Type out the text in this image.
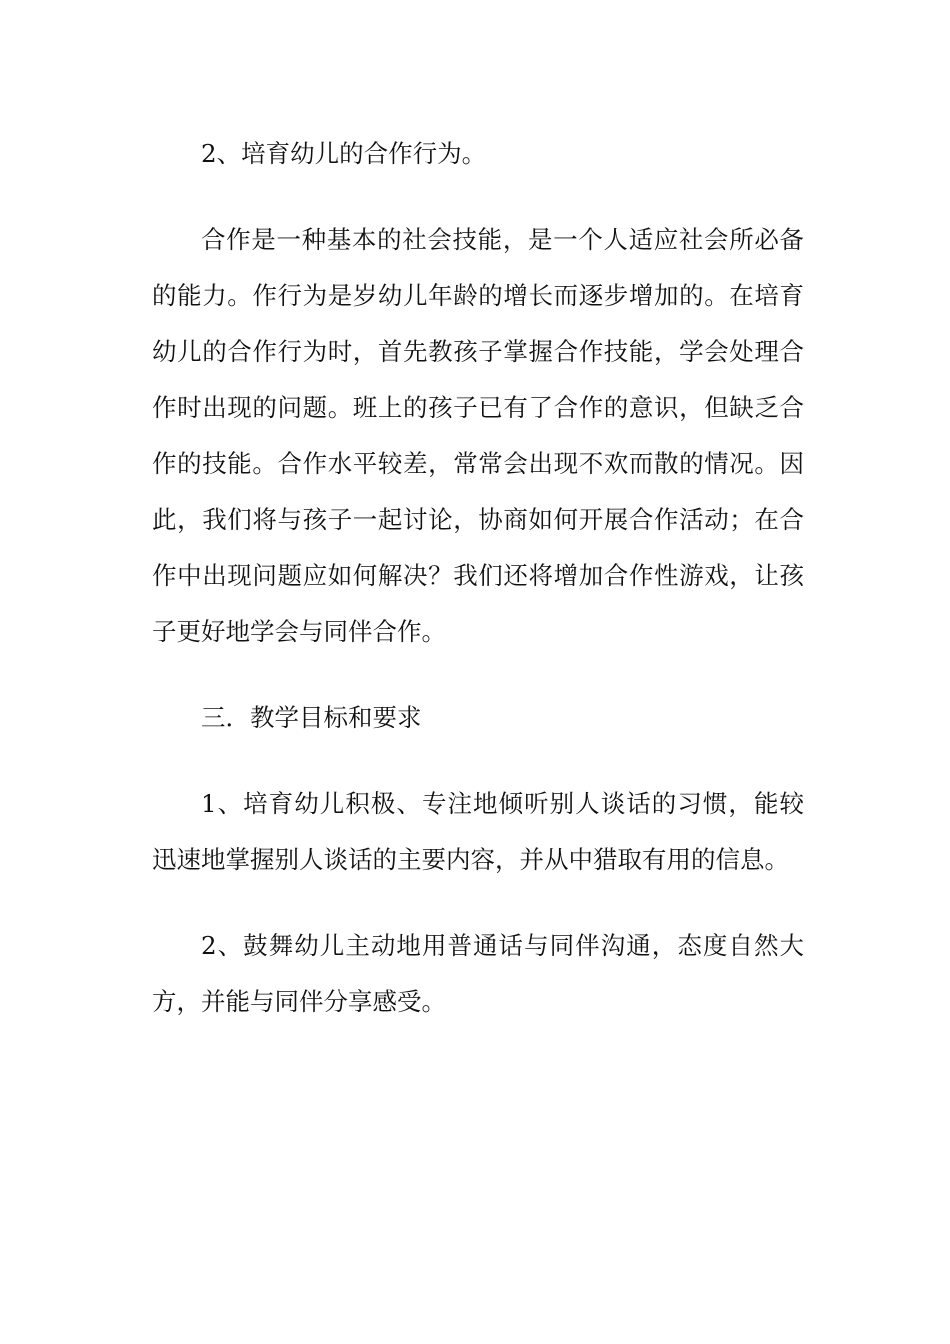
2、培育幼儿的合作行为。

合作是一种基本的社会技能，是一个人适应社会所必备的能力。作行为是岁幼儿年龄的增长而逐步增加的。在培育幼儿的合作行为时，首先教孩子掌握合作技能，学会处理合作时出现的问题。班上的孩子已有了合作的意识，但缺乏合作的技能。合作水平较差，常常会出现不欢而散的情况。因此，我们将与孩子一起讨论，协商如何开展合作活动；在合作中出现问题应如何解决？我们还将增加合作性游戏，让孩子更好地学会与同伴合作。

三．教学目标和要求

1、培育幼儿积极、专注地倾听别人谈话的习惯，能较迅速地掌握别人谈话的主要内容，并从中猎取有用的信息。

2、鼓舞幼儿主动地用普通话与同伴沟通，态度自然大方，并能与同伴分享感受。
